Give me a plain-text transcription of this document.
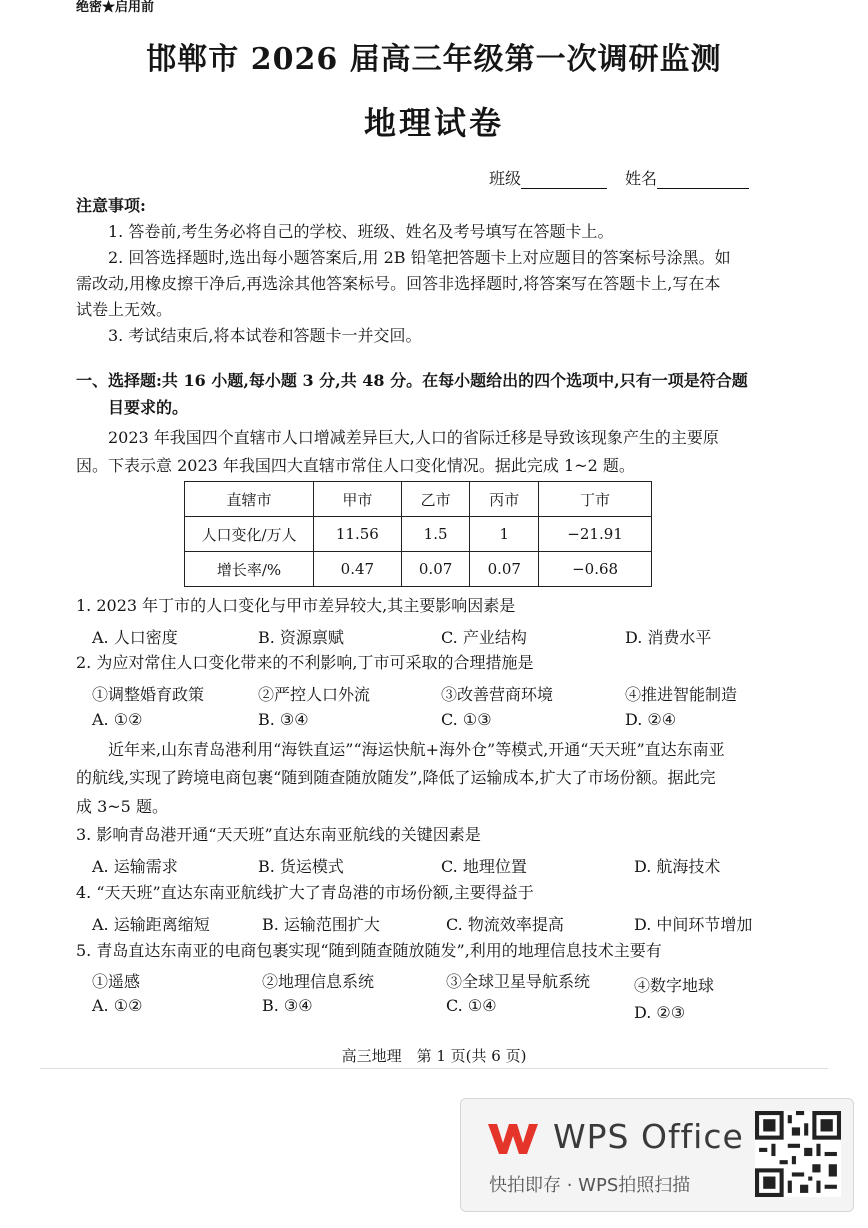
绝密★启用前
邯郸市 2026 届高三年级第一次调研监测
地理试卷
班级	姓名
注意事项:
1. 答卷前,考生务必将自己的学校、班级、姓名及考号填写在答题卡上。
2. 回答选择题时,选出每小题答案后,用 2B 铅笔把答题卡上对应题目的答案标号涂黑。如
需改动,用橡皮擦干净后,再选涂其他答案标号。回答非选择题时,将答案写在答题卡上,写在本
试卷上无效。
3. 考试结束后,将本试卷和答题卡一并交回。
一、选择题:共 16 小题,每小题 3 分,共 48 分。在每小题给出的四个选项中,只有一项是符合题
目要求的。
2023 年我国四个直辖市人口增减差异巨大,人口的省际迁移是导致该现象产生的主要原
因。下表示意 2023 年我国四大直辖市常住人口变化情况。据此完成 1~2 题。
直辖市	甲市	乙市	丙市	丁市
人口变化/万人	11.56	1.5	1	−21.91
增长率/%	0.47	0.07	0.07	−0.68
1. 2023 年丁市的人口变化与甲市差异较大,其主要影响因素是
A. 人口密度	B. 资源禀赋	C. 产业结构	D. 消费水平
2. 为应对常住人口变化带来的不利影响,丁市可采取的合理措施是
①调整婚育政策	②严控人口外流	③改善营商环境	④推进智能制造
A. ①②	B. ③④	C. ①③	D. ②④
近年来,山东青岛港利用“海铁直运”“海运快航+海外仓”等模式,开通“天天班”直达东南亚
的航线,实现了跨境电商包裹“随到随查随放随发”,降低了运输成本,扩大了市场份额。据此完
成 3~5 题。
3. 影响青岛港开通“天天班”直达东南亚航线的关键因素是
A. 运输需求	B. 货运模式	C. 地理位置	D. 航海技术
4. “天天班”直达东南亚航线扩大了青岛港的市场份额,主要得益于
A. 运输距离缩短	B. 运输范围扩大	C. 物流效率提高	D. 中间环节增加
5. 青岛直达东南亚的电商包裹实现“随到随查随放随发”,利用的地理信息技术主要有
①遥感	②地理信息系统	③全球卫星导航系统	④数字地球
A. ①②	B. ③④	C. ①④	D. ②③
高三地理　第 1 页(共 6 页)
WPS Office
快拍即存 · WPS拍照扫描
